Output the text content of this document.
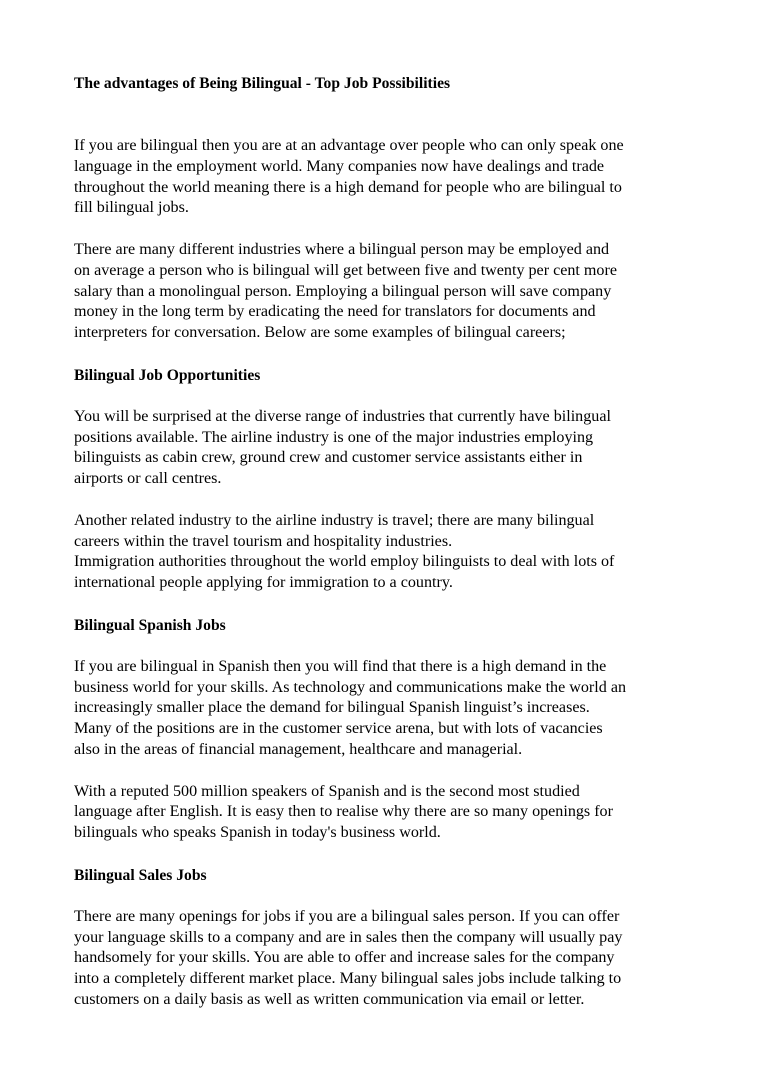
The advantages of Being Bilingual - Top Job Possibilities
If you are bilingual then you are at an advantage over people who can only speak one
language in the employment world. Many companies now have dealings and trade
throughout the world meaning there is a high demand for people who are bilingual to
fill bilingual jobs.
There are many different industries where a bilingual person may be employed and
on average a person who is bilingual will get between five and twenty per cent more
salary than a monolingual person. Employing a bilingual person will save company
money in the long term by eradicating the need for translators for documents and
interpreters for conversation. Below are some examples of bilingual careers;
Bilingual Job Opportunities
You will be surprised at the diverse range of industries that currently have bilingual
positions available. The airline industry is one of the major industries employing
bilinguists as cabin crew, ground crew and customer service assistants either in
airports or call centres.
Another related industry to the airline industry is travel; there are many bilingual
careers within the travel tourism and hospitality industries.
Immigration authorities throughout the world employ bilinguists to deal with lots of
international people applying for immigration to a country.
Bilingual Spanish Jobs
If you are bilingual in Spanish then you will find that there is a high demand in the
business world for your skills. As technology and communications make the world an
increasingly smaller place the demand for bilingual Spanish linguist’s increases.
Many of the positions are in the customer service arena, but with lots of vacancies
also in the areas of financial management, healthcare and managerial.
With a reputed 500 million speakers of Spanish and is the second most studied
language after English. It is easy then to realise why there are so many openings for
bilinguals who speaks Spanish in today's business world.
Bilingual Sales Jobs
There are many openings for jobs if you are a bilingual sales person. If you can offer
your language skills to a company and are in sales then the company will usually pay
handsomely for your skills. You are able to offer and increase sales for the company
into a completely different market place. Many bilingual sales jobs include talking to
customers on a daily basis as well as written communication via email or letter.
